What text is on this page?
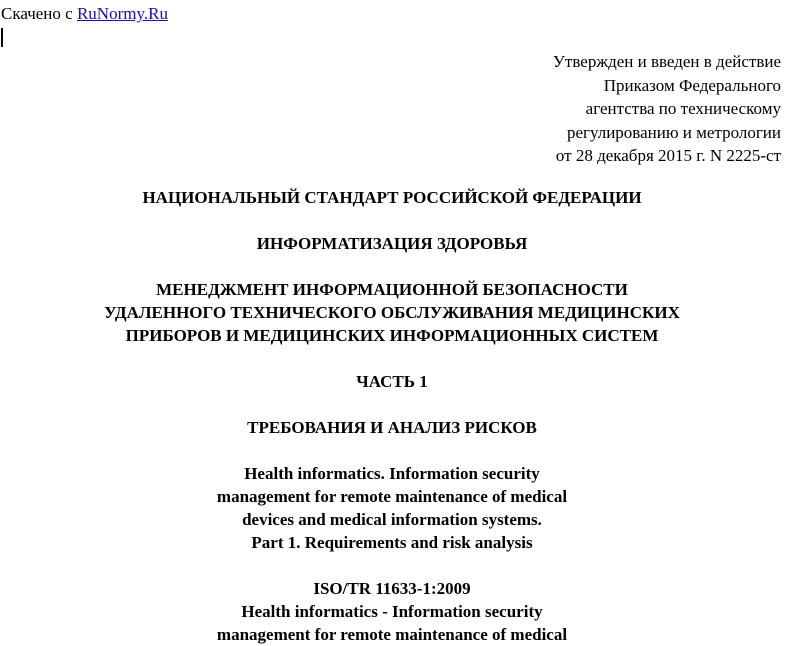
Скачено с RuNormy.Ru
Утвержден и введен в действие
Приказом Федерального
агентства по техническому
регулированию и метрологии
от 28 декабря 2015 г. N 2225-ст
НАЦИОНАЛЬНЫЙ СТАНДАРТ РОССИЙСКОЙ ФЕДЕРАЦИИ
ИНФОРМАТИЗАЦИЯ ЗДОРОВЬЯ
МЕНЕДЖМЕНТ ИНФОРМАЦИОННОЙ БЕЗОПАСНОСТИ
УДАЛЕННОГО ТЕХНИЧЕСКОГО ОБСЛУЖИВАНИЯ МЕДИЦИНСКИХ
ПРИБОРОВ И МЕДИЦИНСКИХ ИНФОРМАЦИОННЫХ СИСТЕМ
ЧАСТЬ 1
ТРЕБОВАНИЯ И АНАЛИЗ РИСКОВ
Health informatics. Information security
management for remote maintenance of medical
devices and medical information systems.
Part 1. Requirements and risk analysis
ISO/TR 11633-1:2009
Health informatics - Information security
management for remote maintenance of medical
